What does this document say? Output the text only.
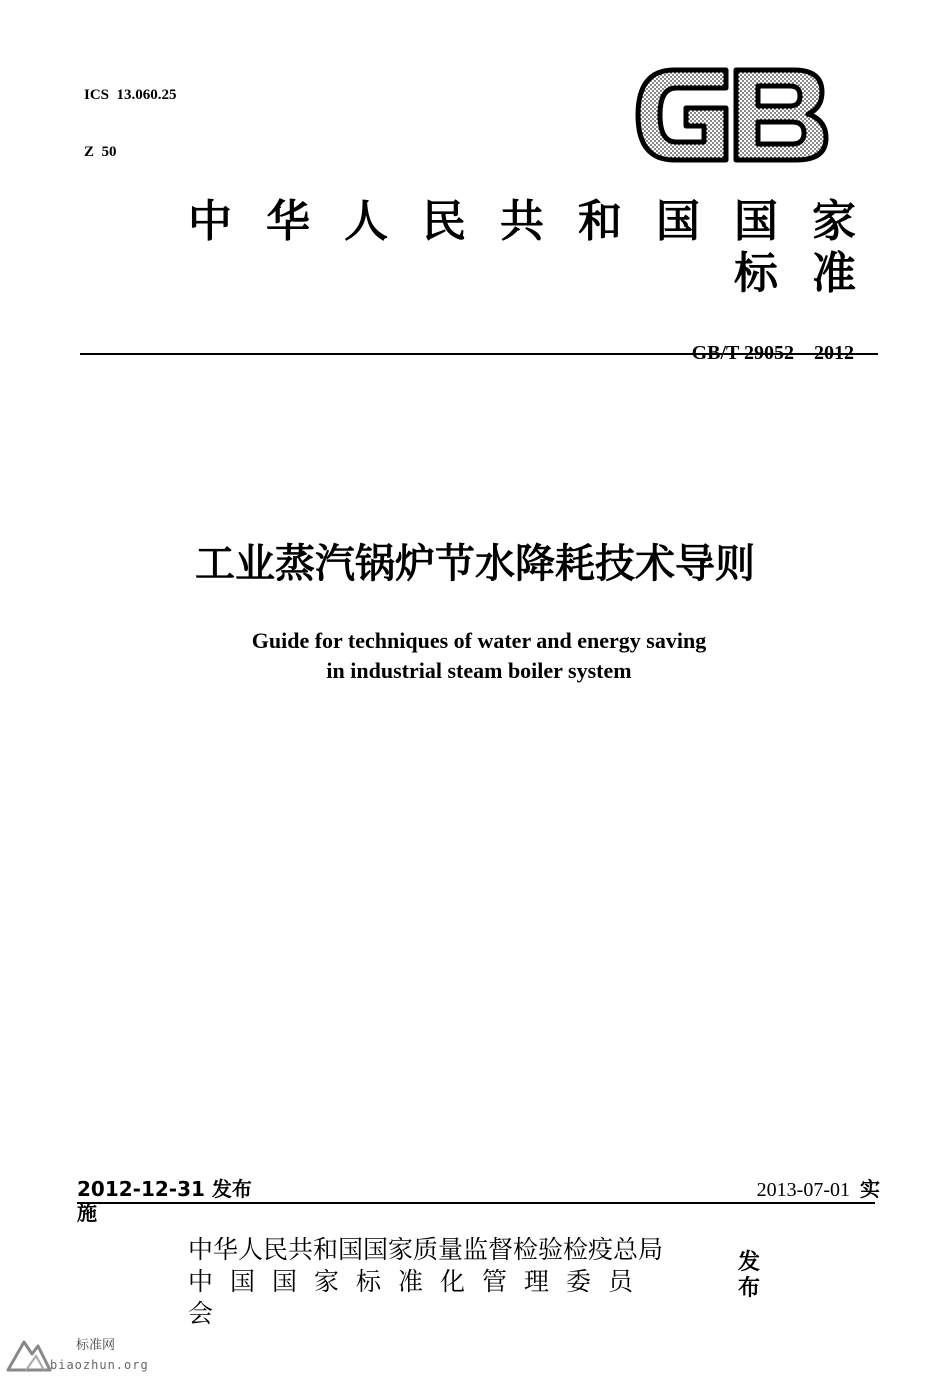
ICS  13.060.25

Z  50

中华人民共和国国家标准
GB/T 29052—2012
工业蒸汽锅炉节水降耗技术导则
Guide for techniques of water and energy saving
in industrial steam boiler system
2012-12-31 发布	2013-07-01 实
施
中华人民共和国国家质量监督检验检疫总局
中国国家标准化管理委员会
发布
标准网
biaozhun.org
